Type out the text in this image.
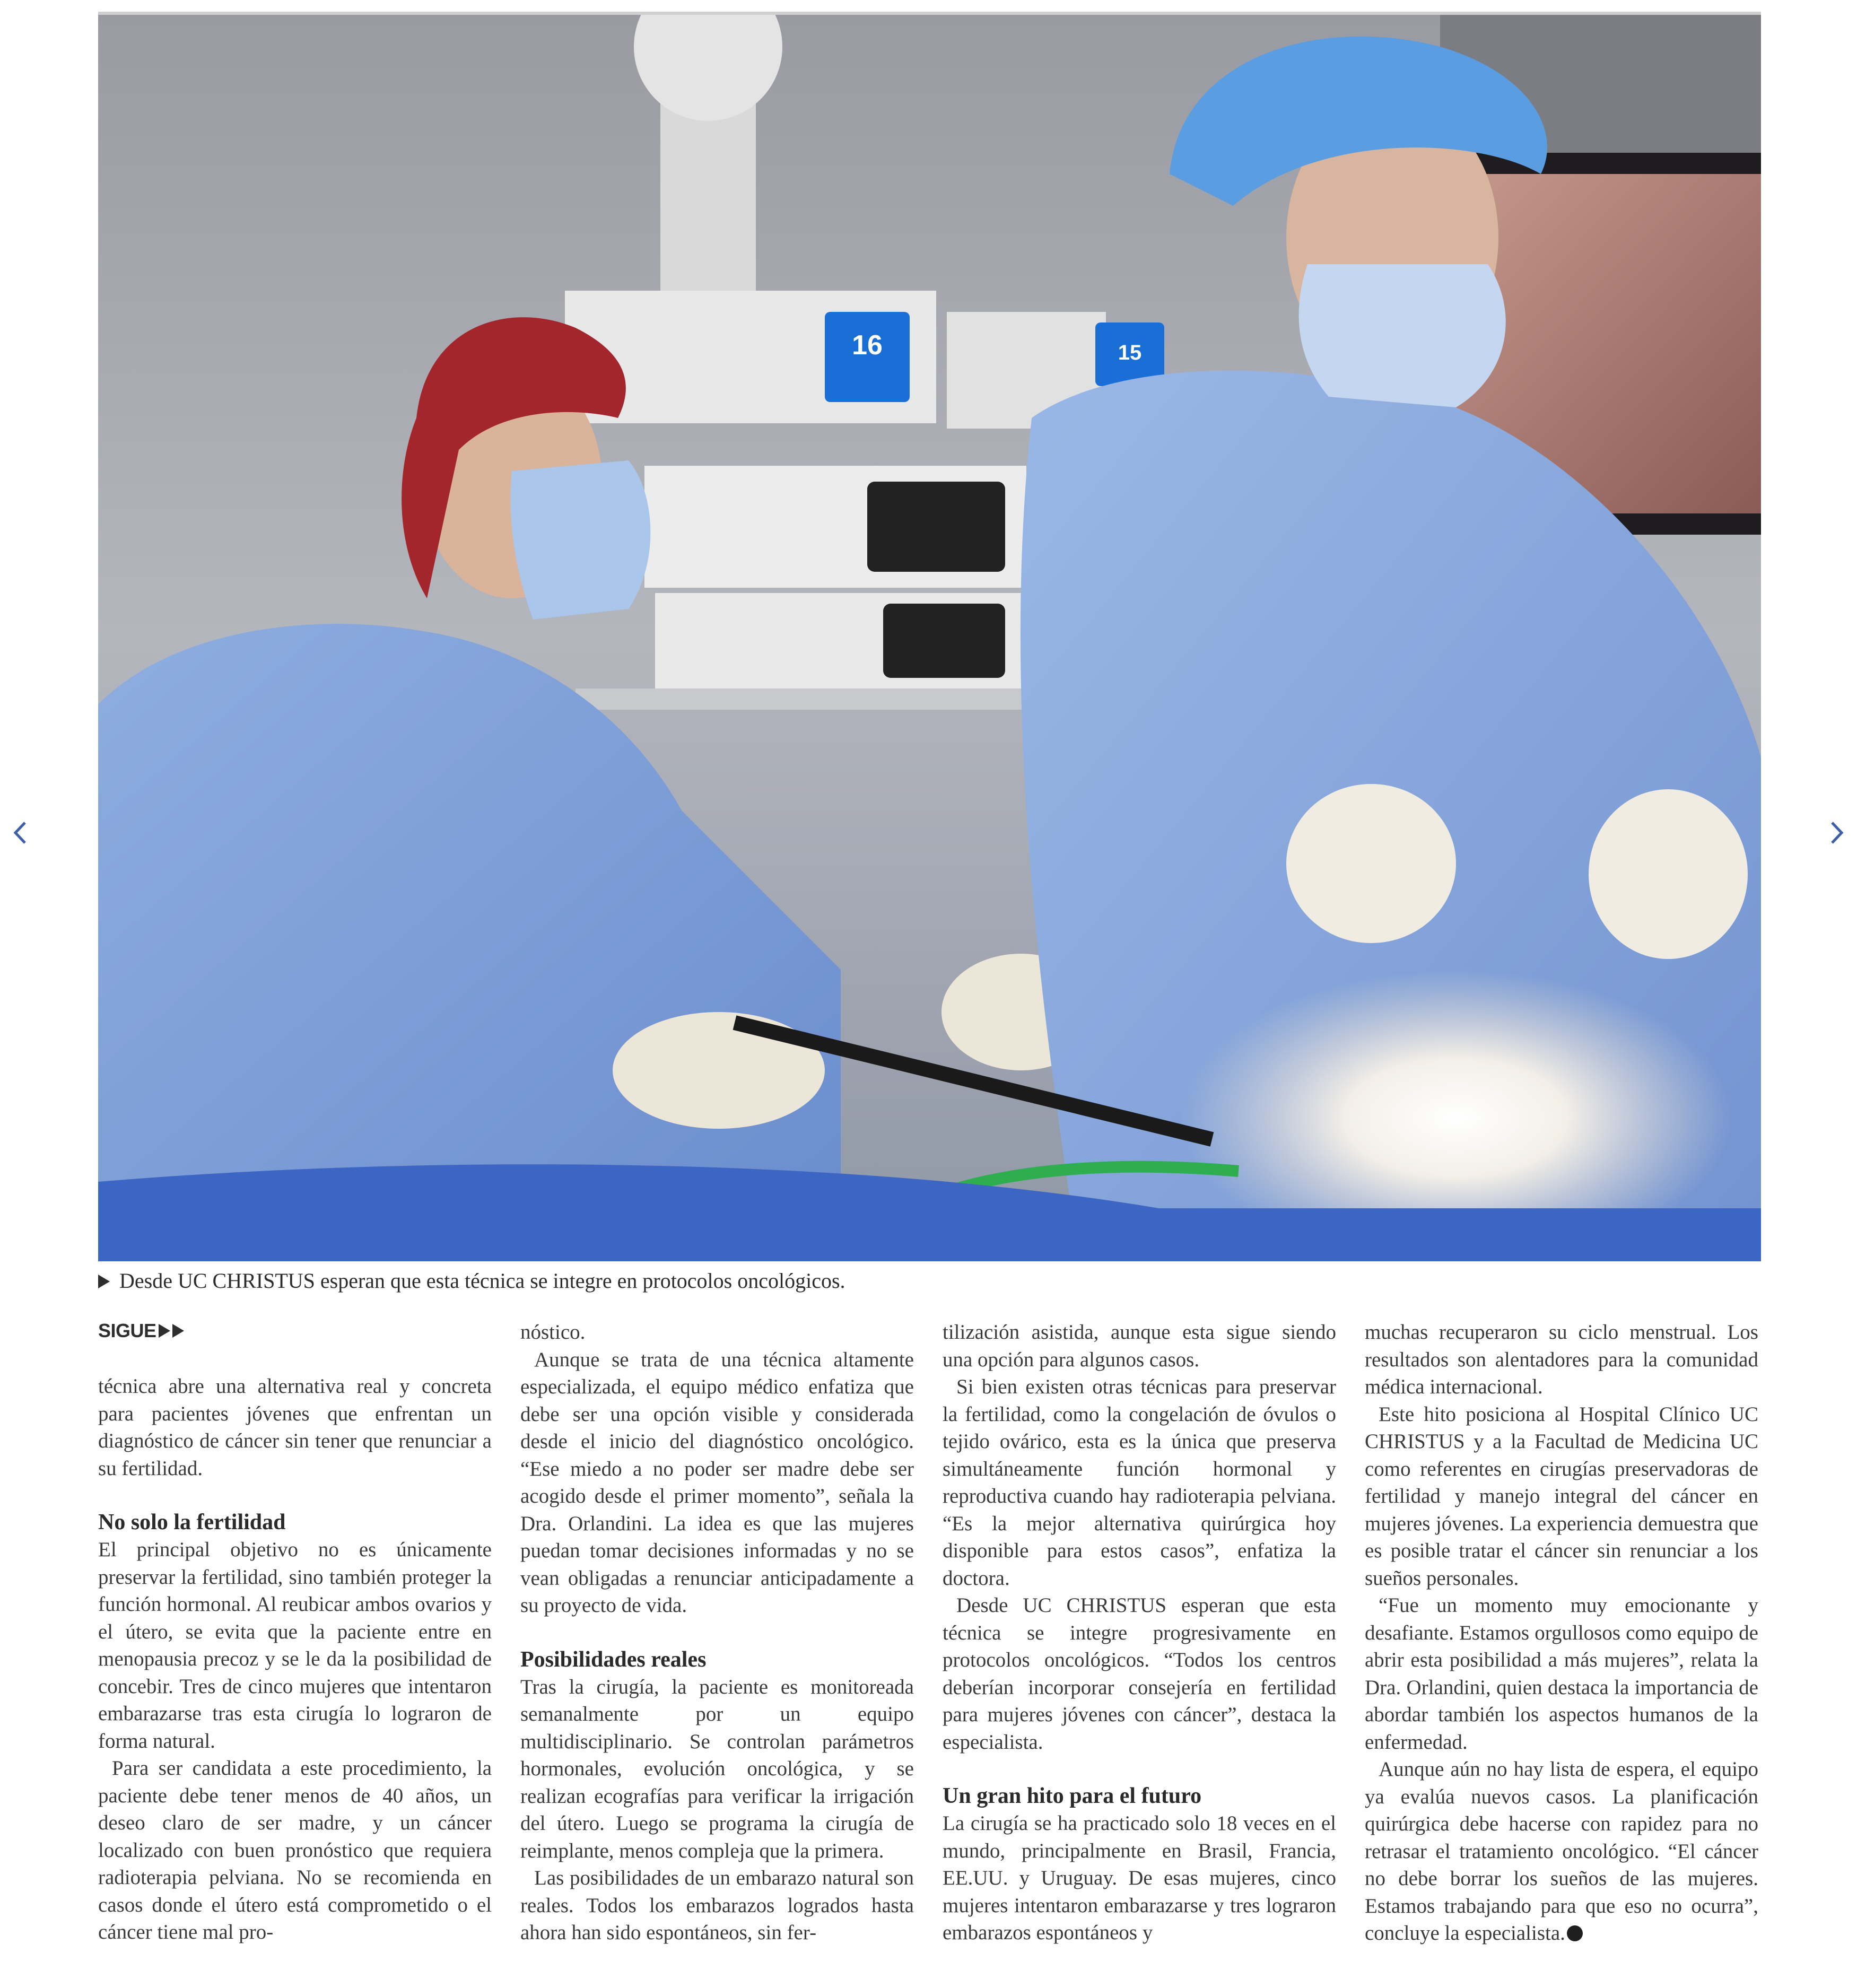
16	15
Desde UC CHRISTUS esperan que esta técnica se integre en protocolos oncológicos.
SIGUE

técnica abre una alternativa real y concreta para pacientes jóvenes que enfrentan un diagnóstico de cáncer sin tener que renunciar a su fertilidad.

No solo la fertilidad

El principal objetivo no es únicamente preservar la fertilidad, sino también proteger la función hormonal. Al reubicar ambos ovarios y el útero, se evita que la paciente entre en menopausia precoz y se le da la posibilidad de concebir. Tres de cinco mujeres que intentaron embarazarse tras esta cirugía lo lograron de forma natural.

Para ser candidata a este procedimiento, la paciente debe tener menos de 40 años, un deseo claro de ser madre, y un cáncer localizado con buen pronóstico que requiera radioterapia pelviana. No se recomienda en casos donde el útero está comprometido o el cáncer tiene mal pro-

nóstico.

Aunque se trata de una técnica altamente especializada, el equipo médico enfatiza que debe ser una opción visible y considerada desde el inicio del diagnóstico oncológico. “Ese miedo a no poder ser madre debe ser acogido desde el primer momento”, señala la Dra. Orlandini. La idea es que las mujeres puedan tomar decisiones informadas y no se vean obligadas a renunciar anticipadamente a su proyecto de vida.

Posibilidades reales

Tras la cirugía, la paciente es monitoreada semanalmente por un equipo multidisciplinario. Se controlan parámetros hormonales, evolución oncológica, y se realizan ecografías para verificar la irrigación del útero. Luego se programa la cirugía de reimplante, menos compleja que la primera.

Las posibilidades de un embarazo natural son reales. Todos los embarazos logrados hasta ahora han sido espontáneos, sin fer-

tilización asistida, aunque esta sigue siendo una opción para algunos casos.

Si bien existen otras técnicas para preservar la fertilidad, como la congelación de óvulos o tejido ovárico, esta es la única que preserva simultáneamente función hormonal y reproductiva cuando hay radioterapia pelviana. “Es la mejor alternativa quirúrgica hoy disponible para estos casos”, enfatiza la doctora.

Desde UC CHRISTUS esperan que esta técnica se integre progresivamente en protocolos oncológicos. “Todos los centros deberían incorporar consejería en fertilidad para mujeres jóvenes con cáncer”, destaca la especialista.

Un gran hito para el futuro

La cirugía se ha practicado solo 18 veces en el mundo, principalmente en Brasil, Francia, EE.UU. y Uruguay. De esas mujeres, cinco mujeres intentaron embarazarse y tres lograron embarazos espontáneos y

muchas recuperaron su ciclo menstrual. Los resultados son alentadores para la comunidad médica internacional.

Este hito posiciona al Hospital Clínico UC CHRISTUS y a la Facultad de Medicina UC como referentes en cirugías preservadoras de fertilidad y manejo integral del cáncer en mujeres jóvenes. La experiencia demuestra que es posible tratar el cáncer sin renunciar a los sueños personales.

“Fue un momento muy emocionante y desafiante. Estamos orgullosos como equipo de abrir esta posibilidad a más mujeres”, relata la Dra. Orlandini, quien destaca la importancia de abordar también los aspectos humanos de la enfermedad.

Aunque aún no hay lista de espera, el equipo ya evalúa nuevos casos. La planificación quirúrgica debe hacerse con rapidez para no retrasar el tratamiento oncológico. “El cáncer no debe borrar los sueños de las mujeres. Estamos trabajando para que eso no ocurra”, concluye la especialista.
